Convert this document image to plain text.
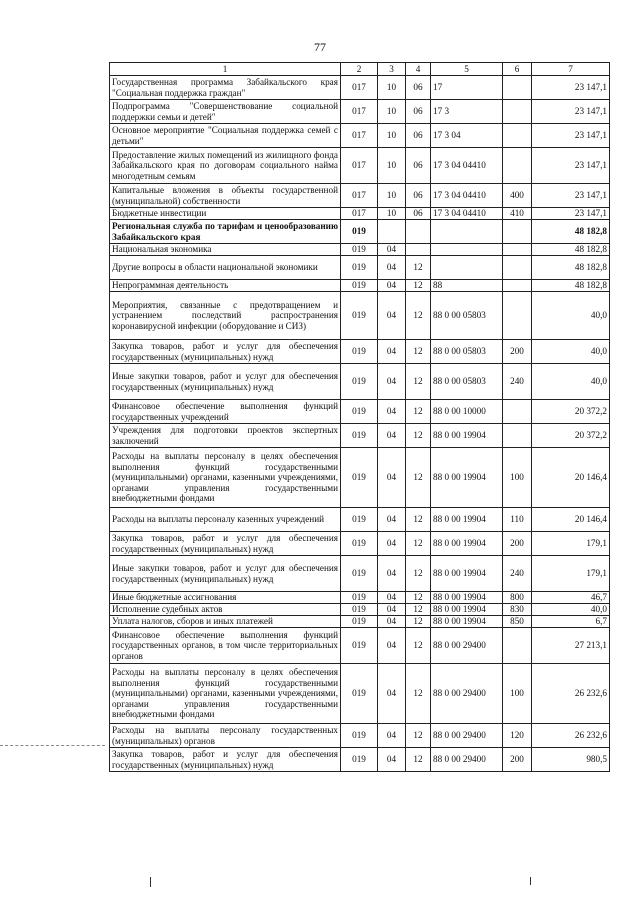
77
1	2	3	4	5	6	7
Государственная программа Забайкальского края "Социальная поддержка граждан"	017	10	06	17		23 147,1
Подпрограмма "Совершенствование социальной поддержки семьи и детей"	017	10	06	17 3		23 147,1
Основное мероприятие "Социальная поддержка семей с детьми"	017	10	06	17 3 04		23 147,1
Предоставление жилых помещений из жилищного фонда Забайкальского края по договорам социального найма многодетным семьям	017	10	06	17 3 04 04410		23 147,1
Капитальные вложения в объекты государственной (муниципальной) собственности	017	10	06	17 3 04 04410	400	23 147,1
Бюджетные инвестиции	017	10	06	17 3 04 04410	410	23 147,1
Региональная служба по тарифам и ценообразованию Забайкальского края	019					48 182,8
Национальная экономика	019	04				48 182,8
Другие вопросы в области национальной экономики	019	04	12			48 182,8
Непрограммная деятельность	019	04	12	88		48 182,8
Мероприятия, связанные с предотвращением и устранением последствий распространения коронавирусной инфекции (оборудование и СИЗ)	019	04	12	88 0 00 05803		40,0
Закупка товаров, работ и услуг для обеспечения государственных (муниципальных) нужд	019	04	12	88 0 00 05803	200	40,0
Иные закупки товаров, работ и услуг для обеспечения государственных (муниципальных) нужд	019	04	12	88 0 00 05803	240	40,0
Финансовое обеспечение выполнения функций государственных учреждений	019	04	12	88 0 00 10000		20 372,2
Учреждения для подготовки проектов экспертных заключений	019	04	12	88 0 00 19904		20 372,2
Расходы на выплаты персоналу в целях обеспечения выполнения функций государственными (муниципальными) органами, казенными учреждениями, органами управления государственными внебюджетными фондами	019	04	12	88 0 00 19904	100	20 146,4
Расходы на выплаты персоналу казенных учреждений	019	04	12	88 0 00 19904	110	20 146,4
Закупка товаров, работ и услуг для обеспечения государственных (муниципальных) нужд	019	04	12	88 0 00 19904	200	179,1
Иные закупки товаров, работ и услуг для обеспечения государственных (муниципальных) нужд	019	04	12	88 0 00 19904	240	179,1
Иные бюджетные ассигнования	019	04	12	88 0 00 19904	800	46,7
Исполнение судебных актов	019	04	12	88 0 00 19904	830	40,0
Уплата налогов, сборов и иных платежей	019	04	12	88 0 00 19904	850	6,7
Финансовое обеспечение выполнения функций государственных органов, в том числе территориальных органов	019	04	12	88 0 00 29400		27 213,1
Расходы на выплаты персоналу в целях обеспечения выполнения функций государственными (муниципальными) органами, казенными учреждениями, органами управления государственными внебюджетными фондами	019	04	12	88 0 00 29400	100	26 232,6
Расходы на выплаты персоналу государственных (муниципальных) органов	019	04	12	88 0 00 29400	120	26 232,6
Закупка товаров, работ и услуг для обеспечения государственных (муниципальных) нужд	019	04	12	88 0 00 29400	200	980,5
